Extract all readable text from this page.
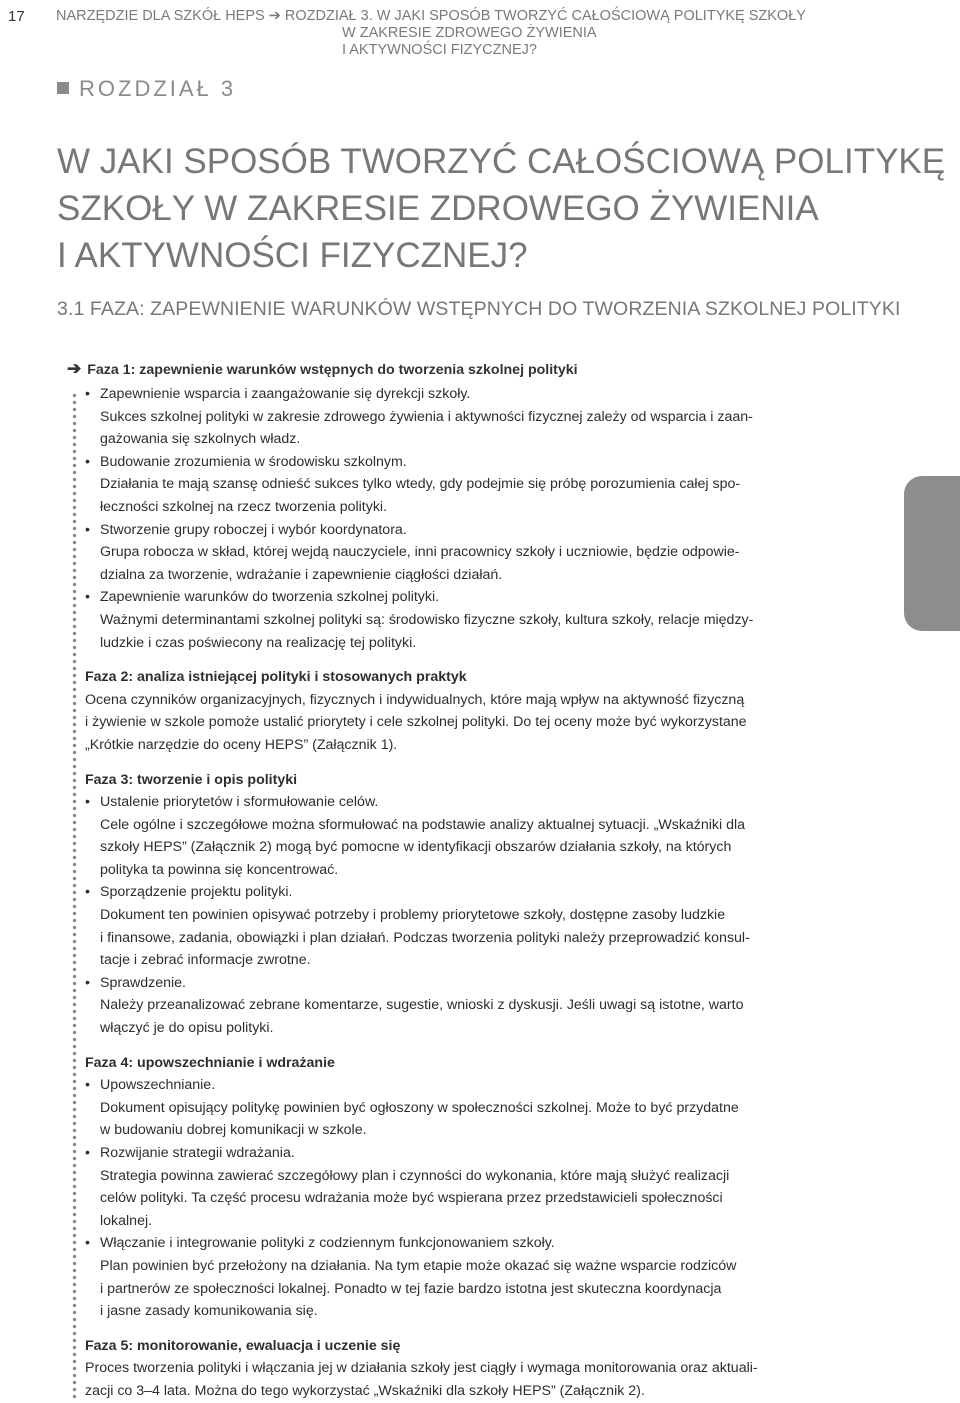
17 NARZĘDZIE DLA SZKÓŁ HEPS ➔ ROZDZIAŁ 3. W JAKI SPOSÓB TWORZYĆ CAŁOŚCIOWĄ POLITYKĘ SZKOŁY
W ZAKRESIE ZDROWEGO ŻYWIENIA
I AKTYWNOŚCI FIZYCZNEJ?
ROZDZIAŁ 3
W JAKI SPOSÓB TWORZYĆ CAŁOŚCIOWĄ POLITYKĘ
SZKOŁY W ZAKRESIE ZDROWEGO ŻYWIENIA
I AKTYWNOŚCI FIZYCZNEJ?
3.1 FAZA: ZAPEWNIENIE WARUNKÓW WSTĘPNYCH DO TWORZENIA SZKOLNEJ POLITYKI
➔ Faza 1: zapewnienie warunków wstępnych do tworzenia szkolnej polityki
• Zapewnienie wsparcia i zaangażowanie się dyrekcji szkoły.
Sukces szkolnej polityki w zakresie zdrowego żywienia i aktywności fizycznej zależy od wsparcia i zaan-
gażowania się szkolnych władz.
• Budowanie zrozumienia w środowisku szkolnym.
Działania te mają szansę odnieść sukces tylko wtedy, gdy podejmie się próbę porozumienia całej spo-
łeczności szkolnej na rzecz tworzenia polityki.
• Stworzenie grupy roboczej i wybór koordynatora.
Grupa robocza w skład, której wejdą nauczyciele, inni pracownicy szkoły i uczniowie, będzie odpowie-
dzialna za tworzenie, wdrażanie i zapewnienie ciągłości działań.
• Zapewnienie warunków do tworzenia szkolnej polityki.
Ważnymi determinantami szkolnej polityki są: środowisko fizyczne szkoły, kultura szkoły, relacje między-
ludzkie i czas poświecony na realizację tej polityki.
Faza 2: analiza istniejącej polityki i stosowanych praktyk
Ocena czynników organizacyjnych, fizycznych i indywidualnych, które mają wpływ na aktywność fizyczną
i żywienie w szkole pomoże ustalić priorytety i cele szkolnej polityki. Do tej oceny może być wykorzystane
„Krótkie narzędzie do oceny HEPS” (Załącznik 1).
Faza 3: tworzenie i opis polityki
• Ustalenie priorytetów i sformułowanie celów.
Cele ogólne i szczegółowe można sformułować na podstawie analizy aktualnej sytuacji. „Wskaźniki dla
szkoły HEPS” (Załącznik 2) mogą być pomocne w identyfikacji obszarów działania szkoły, na których
polityka ta powinna się koncentrować.
• Sporządzenie projektu polityki.
Dokument ten powinien opisywać potrzeby i problemy priorytetowe szkoły, dostępne zasoby ludzkie
i finansowe, zadania, obowiązki i plan działań. Podczas tworzenia polityki należy przeprowadzić konsul-
tacje i zebrać informacje zwrotne.
• Sprawdzenie.
Należy przeanalizować zebrane komentarze, sugestie, wnioski z dyskusji. Jeśli uwagi są istotne, warto
włączyć je do opisu polityki.
Faza 4: upowszechnianie i wdrażanie
• Upowszechnianie.
Dokument opisujący politykę powinien być ogłoszony w społeczności szkolnej. Może to być przydatne
w budowaniu dobrej komunikacji w szkole.
• Rozwijanie strategii wdrażania.
Strategia powinna zawierać szczegółowy plan i czynności do wykonania, które mają służyć realizacji
celów polityki. Ta część procesu wdrażania może być wspierana przez przedstawicieli społeczności
lokalnej.
• Włączanie i integrowanie polityki z codziennym funkcjonowaniem szkoły.
Plan powinien być przełożony na działania. Na tym etapie może okazać się ważne wsparcie rodziców
i partnerów ze społeczności lokalnej. Ponadto w tej fazie bardzo istotna jest skuteczna koordynacja
i jasne zasady komunikowania się.
Faza 5: monitorowanie, ewaluacja i uczenie się
Proces tworzenia polityki i włączania jej w działania szkoły jest ciągły i wymaga monitorowania oraz aktuali-
zacji co 3–4 lata. Można do tego wykorzystać „Wskaźniki dla szkoły HEPS” (Załącznik 2).
